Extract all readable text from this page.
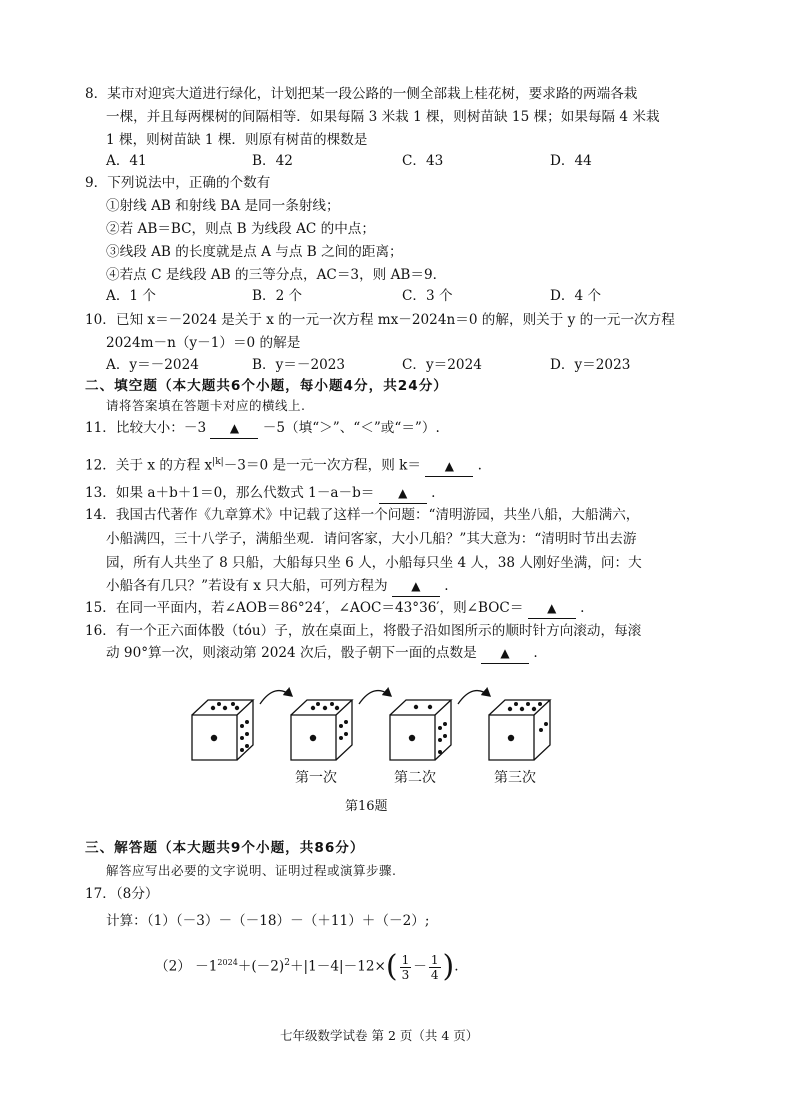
8．某市对迎宾大道进行绿化，计划把某一段公路的一侧全部栽上桂花树，要求路的两端各栽
一棵，并且每两棵树的间隔相等．如果每隔 3 米栽 1 棵，则树苗缺 15 棵；如果每隔 4 米栽
1 棵，则树苗缺 1 棵．则原有树苗的棵数是
A．41	B．42	C．43	D．44
9．下列说法中，正确的个数有
①射线 AB 和射线 BA 是同一条射线；
②若 AB＝BC，则点 B 为线段 AC 的中点；
③线段 AB 的长度就是点 A 与点 B 之间的距离；
④若点 C 是线段 AB 的三等分点，AC＝3，则 AB＝9．
A．1 个	B．2 个	C．3 个	D．4 个
10．已知 x＝－2024 是关于 x 的一元一次方程 mx－2024n＝0 的解，则关于 y 的一元一次方程
2024m－n（y－1）＝0 的解是
A．y＝－2024	B．y＝－2023	C．y＝2024	D．y＝2023
二、填空题（本大题共6个小题，每小题4分，共24分）
请将答案填在答题卡对应的横线上.
11．比较大小：－3 ▲ －5（填“＞”、“＜”或“＝”）.
12．关于 x 的方程 $x^{|k|}-3=0$ 是一元一次方程，则 k＝ ▲ .
13．如果 a＋b＋1＝0，那么代数式 1－a－b＝ ▲ .
14．我国古代著作《九章算术》中记载了这样一个问题：“清明游园，共坐八船，大船满六，
小船满四，三十八学子，满船坐观．请问客家，大小几船？”其大意为：“清明时节出去游
园，所有人共坐了 8 只船，大船每只坐 6 人，小船每只坐 4 人，38 人刚好坐满，问：大
小船各有几只？”若设有 x 只大船，可列方程为 ▲ .
15．在同一平面内，若∠AOB＝86°24′，∠AOC＝43°36′，则∠BOC＝ ▲ .
16．有一个正六面体骰（tóu）子，放在桌面上，将骰子沿如图所示的顺时针方向滚动，每滚
动 90°算一次，则滚动第 2024 次后，骰子朝下一面的点数是 ▲ .
第一次	第二次	第三次
第16题
三、解答题（本大题共9个小题，共86分）
解答应写出必要的文字说明、证明过程或演算步骤.
17．（8分）
计算：（1）（－3）－（－18）－（＋11）＋（－2）;
$(2) -1^{2024}+(-2)^2+|1-4|-12\times( \frac{1}{3} - \frac{1}{4}$ ).
七年级数学试卷 第 2 页（共 4 页）
